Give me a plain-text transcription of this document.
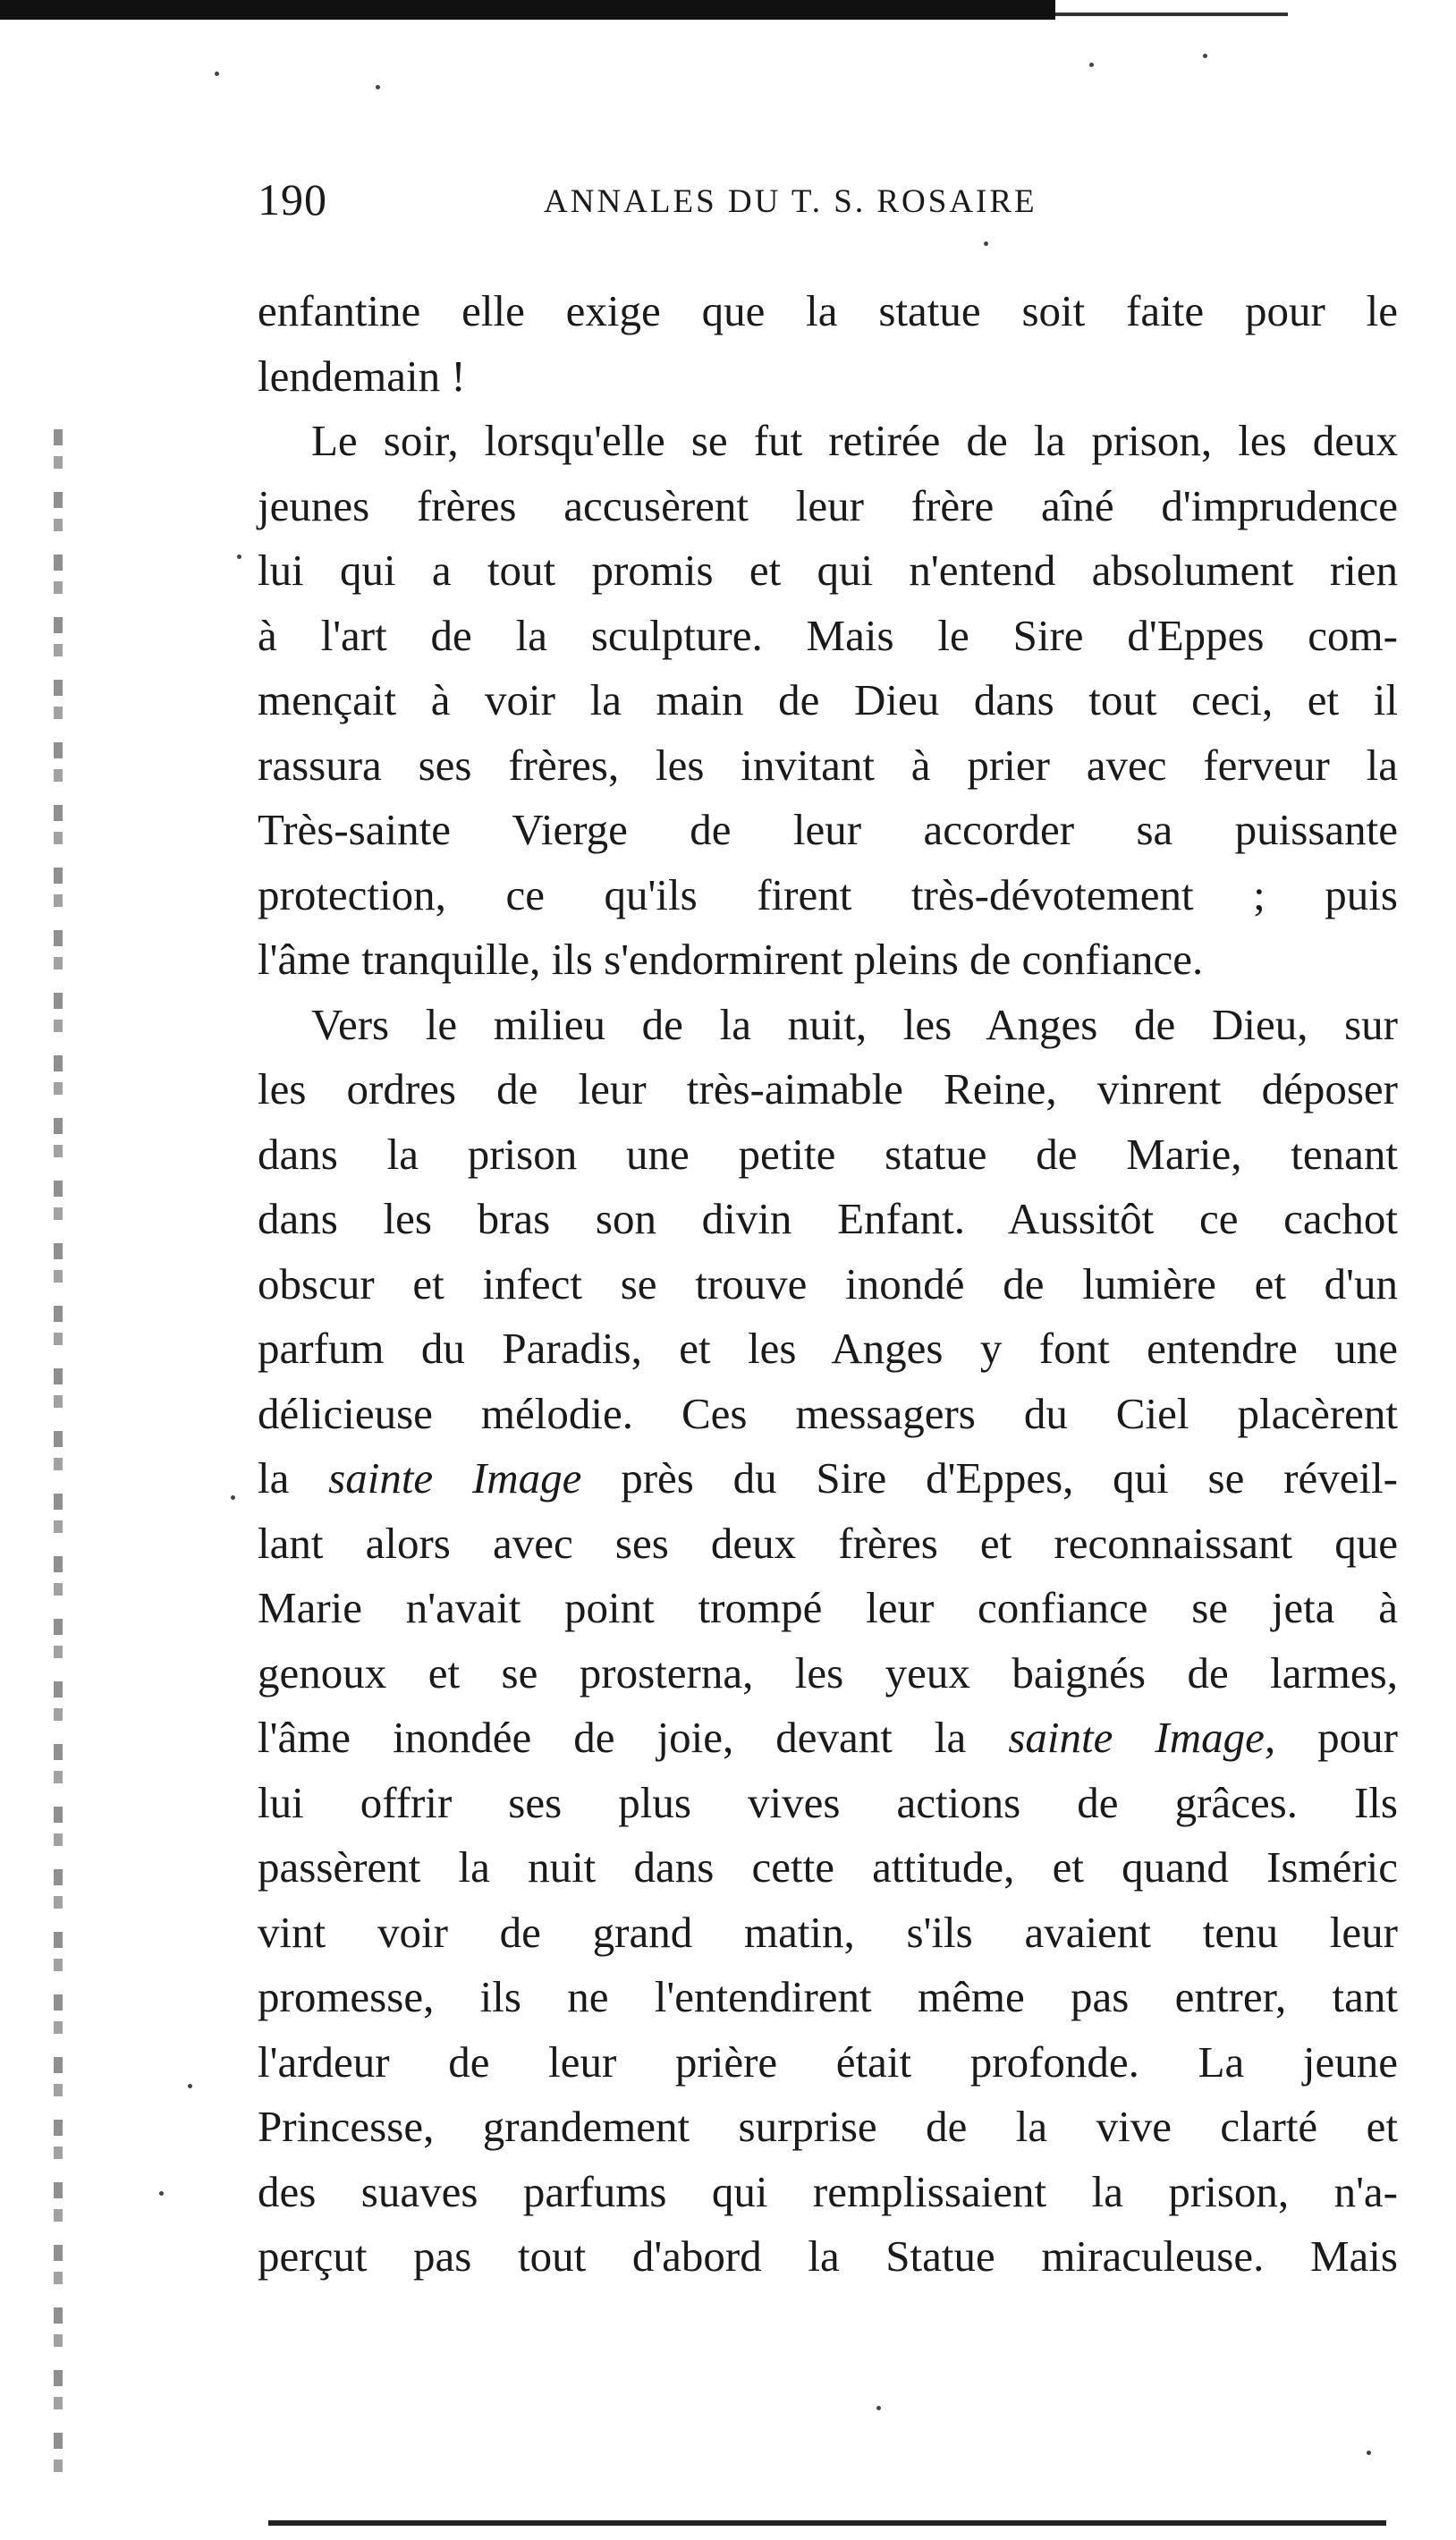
190	ANNALES DU T. S. ROSAIRE
enfantine elle exige que la statue soit faite pour le
lendemain !
Le soir, lorsqu'elle se fut retirée de la prison, les deux
jeunes frères accusèrent leur frère aîné d'imprudence
lui qui a tout promis et qui n'entend absolument rien
à l'art de la sculpture. Mais le Sire d'Eppes com-
mençait à voir la main de Dieu dans tout ceci, et il
rassura ses frères, les invitant à prier avec ferveur la
Très-sainte Vierge de leur accorder sa puissante
protection, ce qu'ils firent très-dévotement ; puis
l'âme tranquille, ils s'endormirent pleins de confiance.
Vers le milieu de la nuit, les Anges de Dieu, sur
les ordres de leur très-aimable Reine, vinrent déposer
dans la prison une petite statue de Marie, tenant
dans les bras son divin Enfant. Aussitôt ce cachot
obscur et infect se trouve inondé de lumière et d'un
parfum du Paradis, et les Anges y font entendre une
délicieuse mélodie. Ces messagers du Ciel placèrent
la sainte Image près du Sire d'Eppes, qui se réveil-
lant alors avec ses deux frères et reconnaissant que
Marie n'avait point trompé leur confiance se jeta à
genoux et se prosterna, les yeux baignés de larmes,
l'âme inondée de joie, devant la sainte Image, pour
lui offrir ses plus vives actions de grâces. Ils
passèrent la nuit dans cette attitude, et quand Isméric
vint voir de grand matin, s'ils avaient tenu leur
promesse, ils ne l'entendirent même pas entrer, tant
l'ardeur de leur prière était profonde. La jeune
Princesse, grandement surprise de la vive clarté et
des suaves parfums qui remplissaient la prison, n'a-
perçut pas tout d'abord la Statue miraculeuse. Mais
